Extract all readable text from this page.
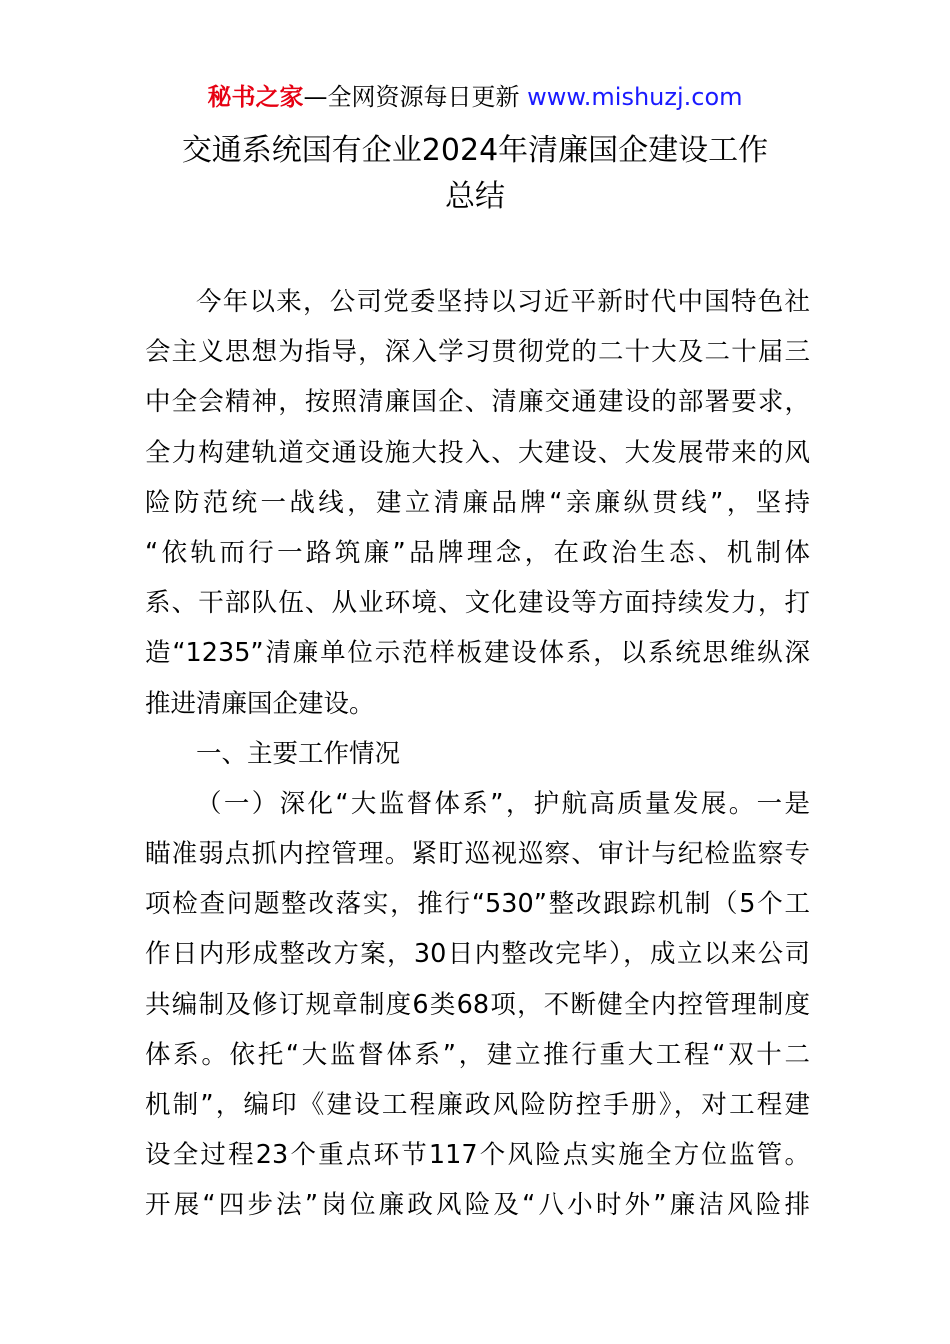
秘书之家—全网资源每日更新 www.mishuzj.com
交通系统国有企业2024年清廉国企建设工作
总结
今年以来，公司党委坚持以习近平新时代中国特色社
会主义思想为指导，深入学习贯彻党的二十大及二十届三
中全会精神，按照清廉国企、清廉交通建设的部署要求，
全力构建轨道交通设施大投入、大建设、大发展带来的风
险防范统一战线，建立清廉品牌“亲廉纵贯线”，坚持
“依轨而行一路筑廉”品牌理念，在政治生态、机制体
系、干部队伍、从业环境、文化建设等方面持续发力，打
造“1235”清廉单位示范样板建设体系，以系统思维纵深
推进清廉国企建设。
一、主要工作情况
（一）深化“大监督体系”，护航高质量发展。一是
瞄准弱点抓内控管理。紧盯巡视巡察、审计与纪检监察专
项检查问题整改落实，推行“530”整改跟踪机制（5个工
作日内形成整改方案，30日内整改完毕），成立以来公司
共编制及修订规章制度6类68项，不断健全内控管理制度
体系。依托“大监督体系”，建立推行重大工程“双十二
机制”，编印《建设工程廉政风险防控手册》，对工程建
设全过程23个重点环节117个风险点实施全方位监管。
开展“四步法”岗位廉政风险及“八小时外”廉洁风险排
